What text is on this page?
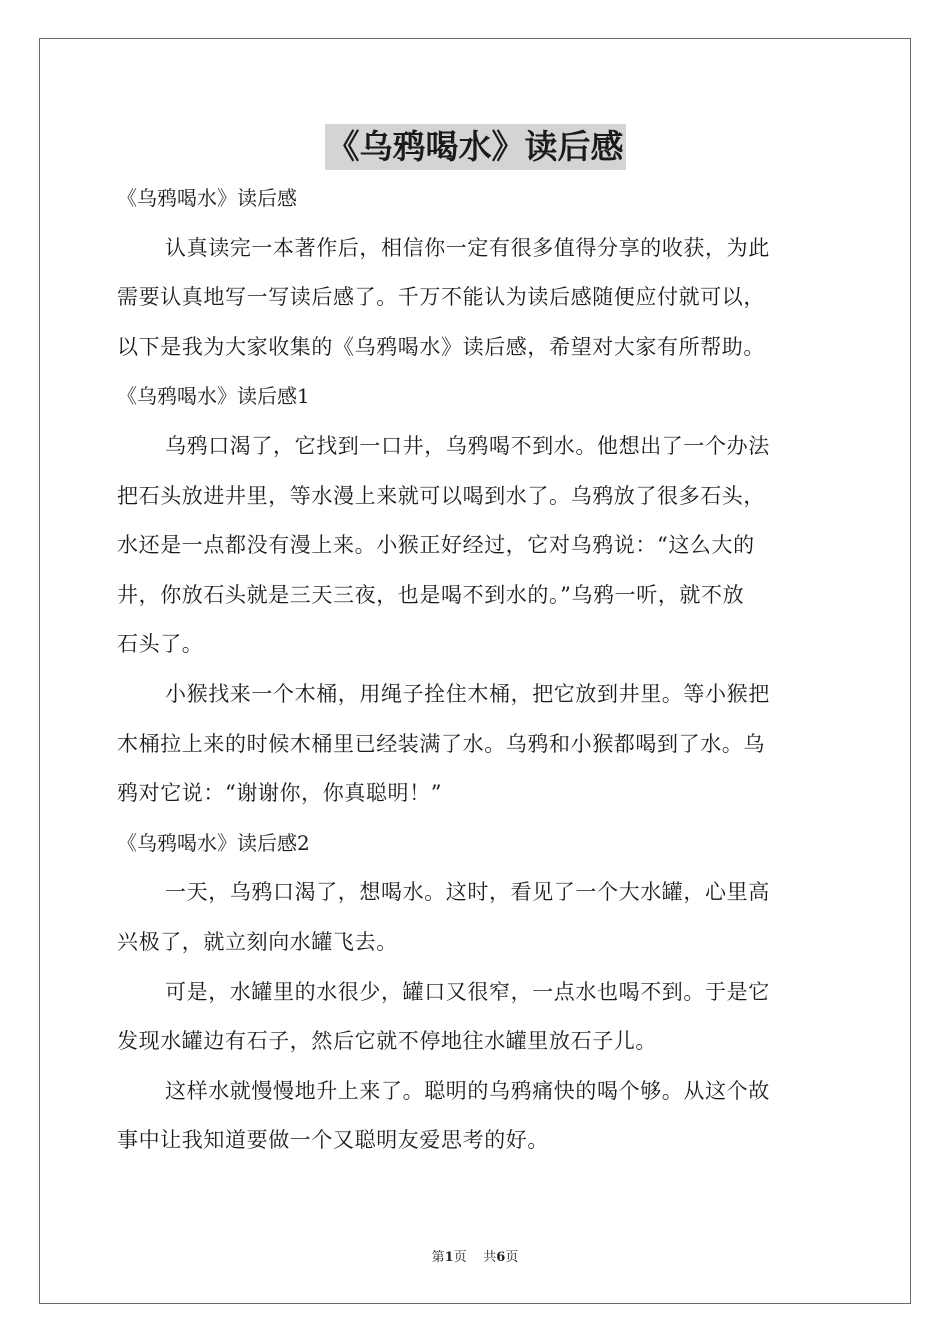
《乌鸦喝水》读后感
《乌鸦喝水》读后感
认真读完一本著作后，相信你一定有很多值得分享的收获，为此
需要认真地写一写读后感了。千万不能认为读后感随便应付就可以，
以下是我为大家收集的《乌鸦喝水》读后感，希望对大家有所帮助。
《乌鸦喝水》读后感1
乌鸦口渴了，它找到一口井，乌鸦喝不到水。他想出了一个办法
把石头放进井里，等水漫上来就可以喝到水了。乌鸦放了很多石头，
水还是一点都没有漫上来。小猴正好经过，它对乌鸦说：“这么大的
井，你放石头就是三天三夜，也是喝不到水的。”乌鸦一听，就不放
石头了。
小猴找来一个木桶，用绳子拴住木桶，把它放到井里。等小猴把
木桶拉上来的时候木桶里已经装满了水。乌鸦和小猴都喝到了水。乌
鸦对它说：“谢谢你，你真聪明！”
《乌鸦喝水》读后感2
一天，乌鸦口渴了，想喝水。这时，看见了一个大水罐，心里高
兴极了，就立刻向水罐飞去。
可是，水罐里的水很少，罐口又很窄，一点水也喝不到。于是它
发现水罐边有石子，然后它就不停地往水罐里放石子儿。
这样水就慢慢地升上来了。聪明的乌鸦痛快的喝个够。从这个故
事中让我知道要做一个又聪明友爱思考的好。
第1页 共6页
